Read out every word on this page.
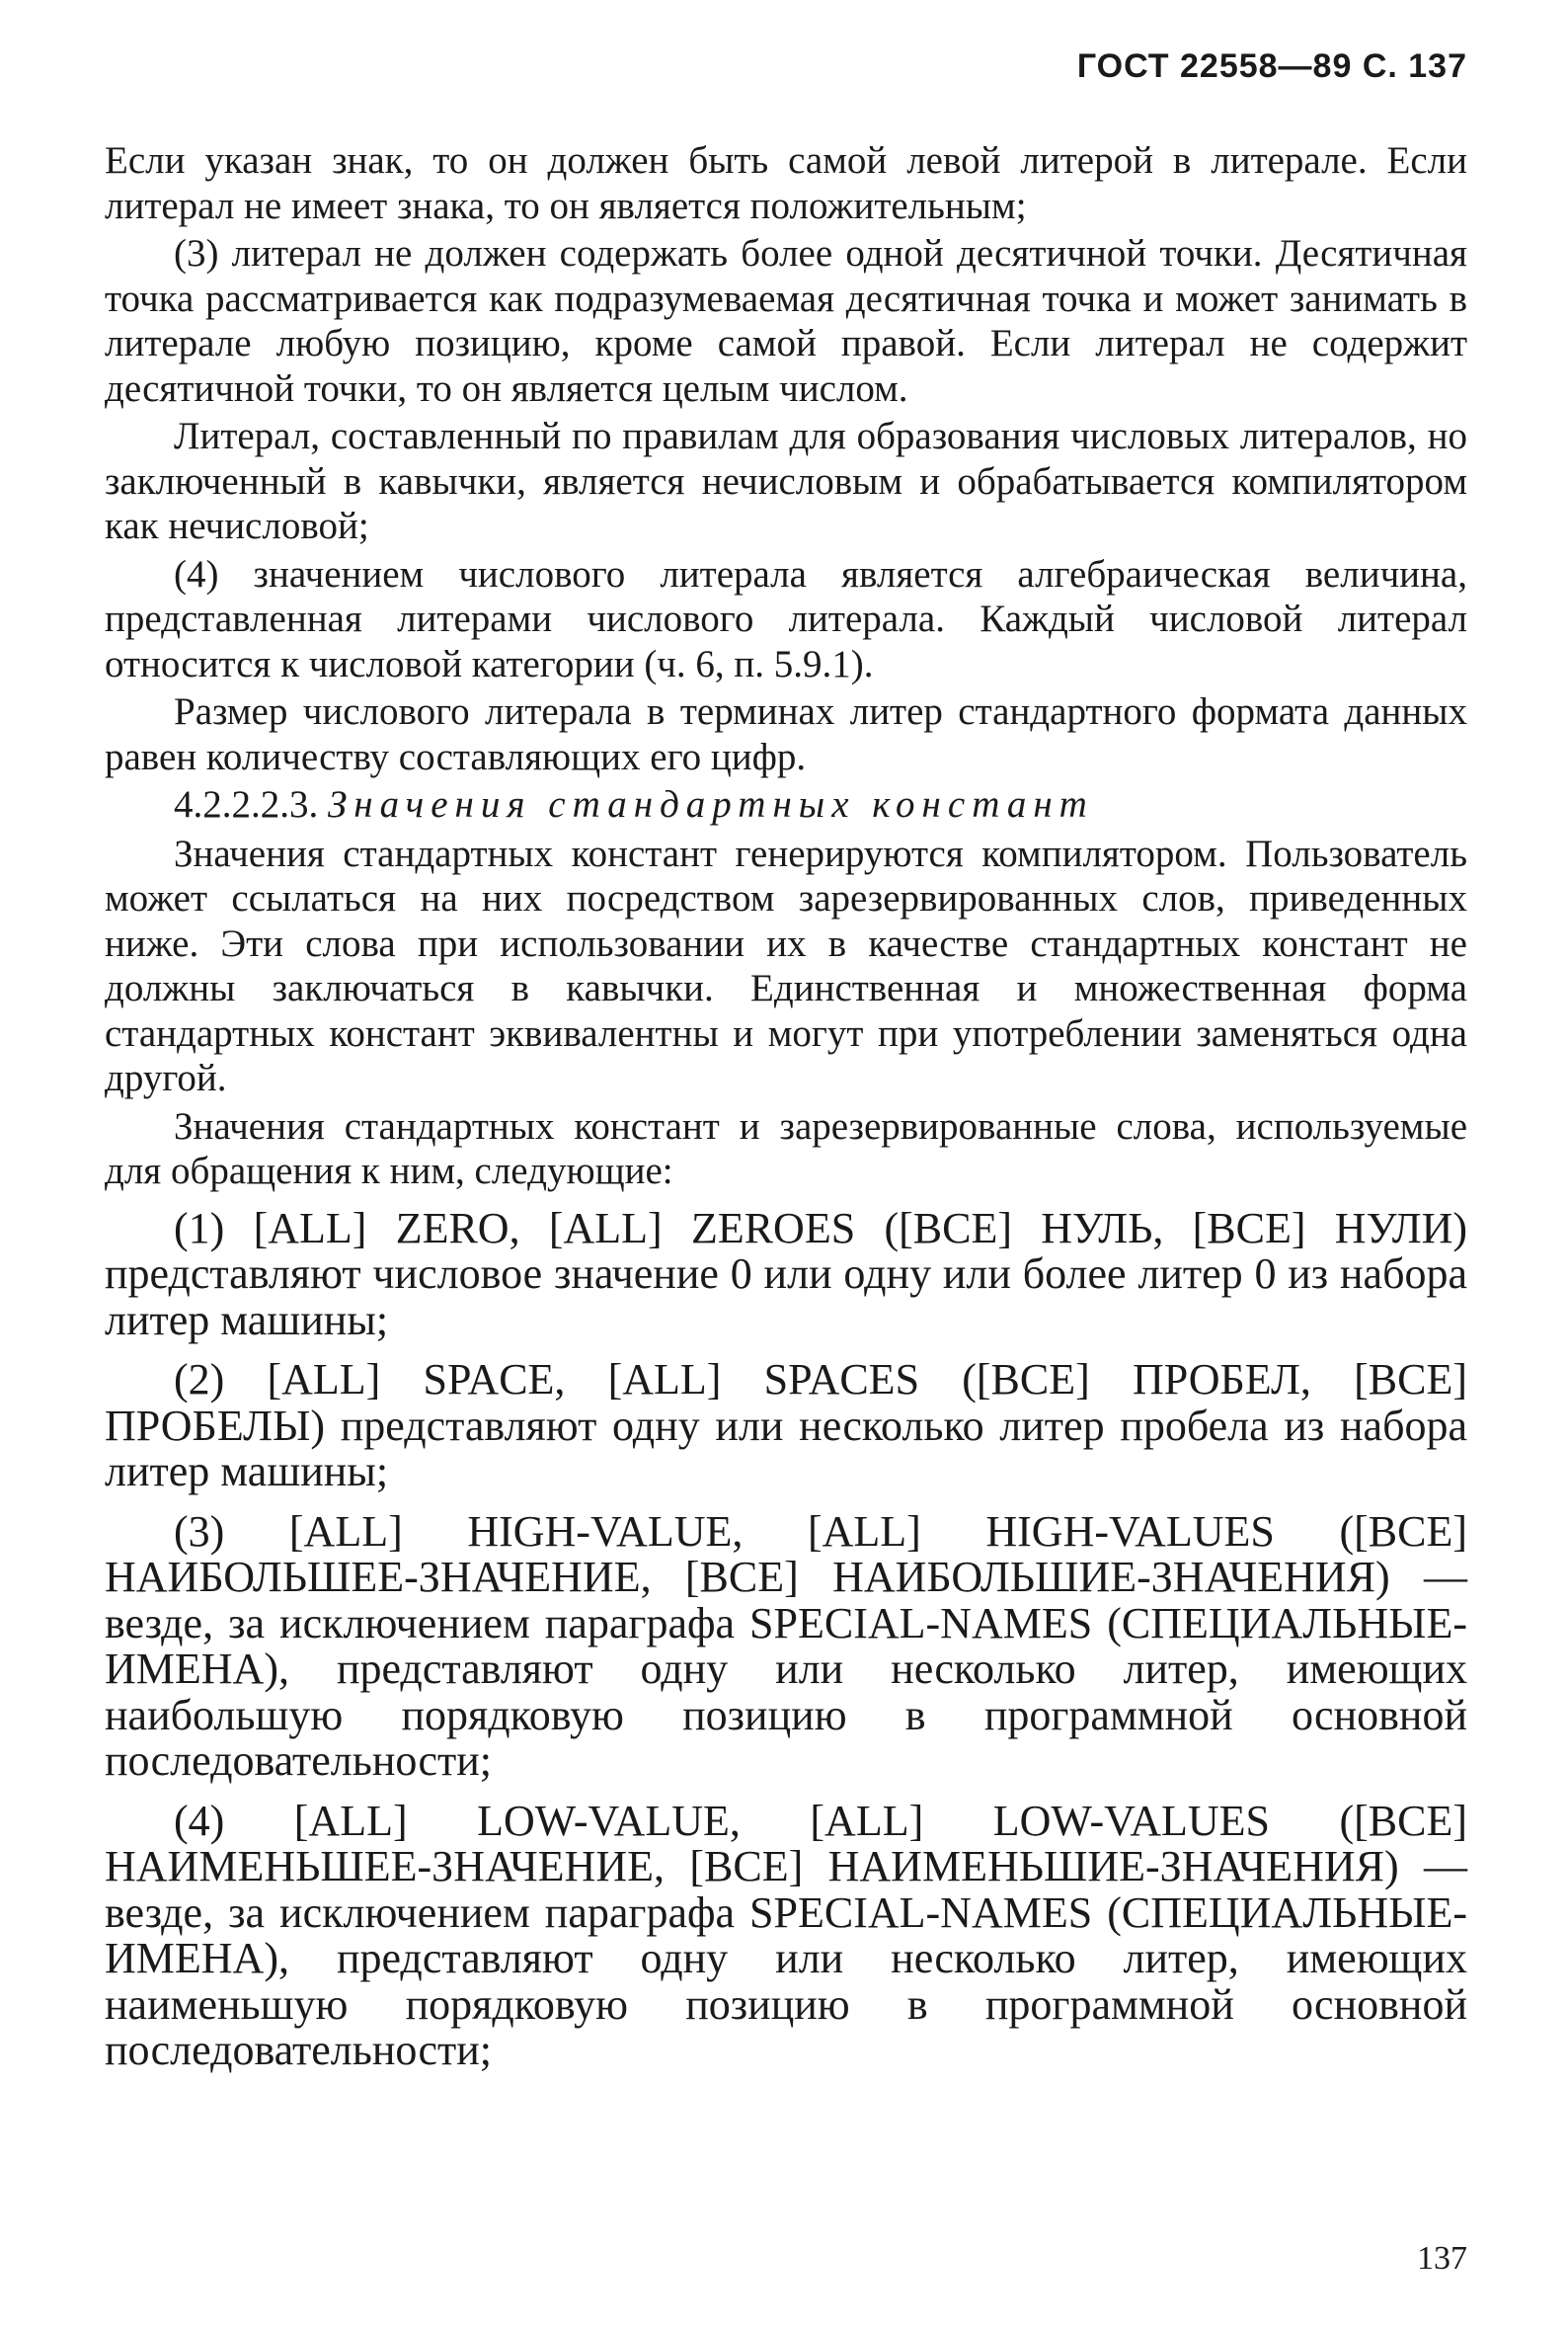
ГОСТ 22558—89 С. 137

Если указан знак, то он должен быть самой левой литерой в литерале. Если литерал не имеет знака, то он является положительным;

(3) литерал не должен содержать более одной десятичной точки. Десятичная точка рассматривается как подразумеваемая десятичная точка и может занимать в литерале любую позицию, кроме самой правой. Если литерал не содержит десятичной точки, то он является целым числом.

Литерал, составленный по правилам для образования числовых литералов, но заключенный в кавычки, является нечисловым и обрабатывается компилятором как нечисловой;

(4) значением числового литерала является алгебраическая величина, представленная литерами числового литерала. Каждый числовой литерал относится к числовой категории (ч. 6, п. 5.9.1).

Размер числового литерала в терминах литер стандартного формата данных равен количеству составляющих его цифр.

4.2.2.2.3. Значения стандартных констант

Значения стандартных констант генерируются компилятором. Пользователь может ссылаться на них посредством зарезервированных слов, приведенных ниже. Эти слова при использовании их в качестве стандартных констант не должны заключаться в кавычки. Единственная и множественная форма стандартных констант эквивалентны и могут при употреблении заменяться одна другой.

Значения стандартных констант и зарезервированные слова, используемые для обращения к ним, следующие:

(1) [ALL] ZERO, [ALL] ZEROES ([ВСЕ] НУЛЬ, [ВСЕ] НУЛИ) представляют числовое значение 0 или одну или более литер 0 из набора литер машины;

(2) [ALL] SPACE, [ALL] SPACES ([ВСЕ] ПРОБЕЛ, [ВСЕ] ПРОБЕЛЫ) представляют одну или несколько литер пробела из набора литер машины;

(3) [ALL] HIGH-VALUE, [ALL] HIGH-VALUES ([ВСЕ] НАИБОЛЬШЕЕ-ЗНАЧЕНИЕ, [ВСЕ] НАИБОЛЬШИЕ-ЗНАЧЕНИЯ) — везде, за исключением параграфа SPECIAL-NAMES (СПЕЦИАЛЬНЫЕ-ИМЕНА), представляют одну или несколько литер, имеющих наибольшую порядковую позицию в программной основной последовательности;

(4) [ALL] LOW-VALUE, [ALL] LOW-VALUES ([ВСЕ] НАИМЕНЬШЕЕ-ЗНАЧЕНИЕ, [ВСЕ] НАИМЕНЬШИЕ-ЗНАЧЕНИЯ) — везде, за исключением параграфа SPECIAL-NAMES (СПЕЦИАЛЬНЫЕ-ИМЕНА), представляют одну или несколько литер, имеющих наименьшую порядковую позицию в программной основной последовательности;

137
